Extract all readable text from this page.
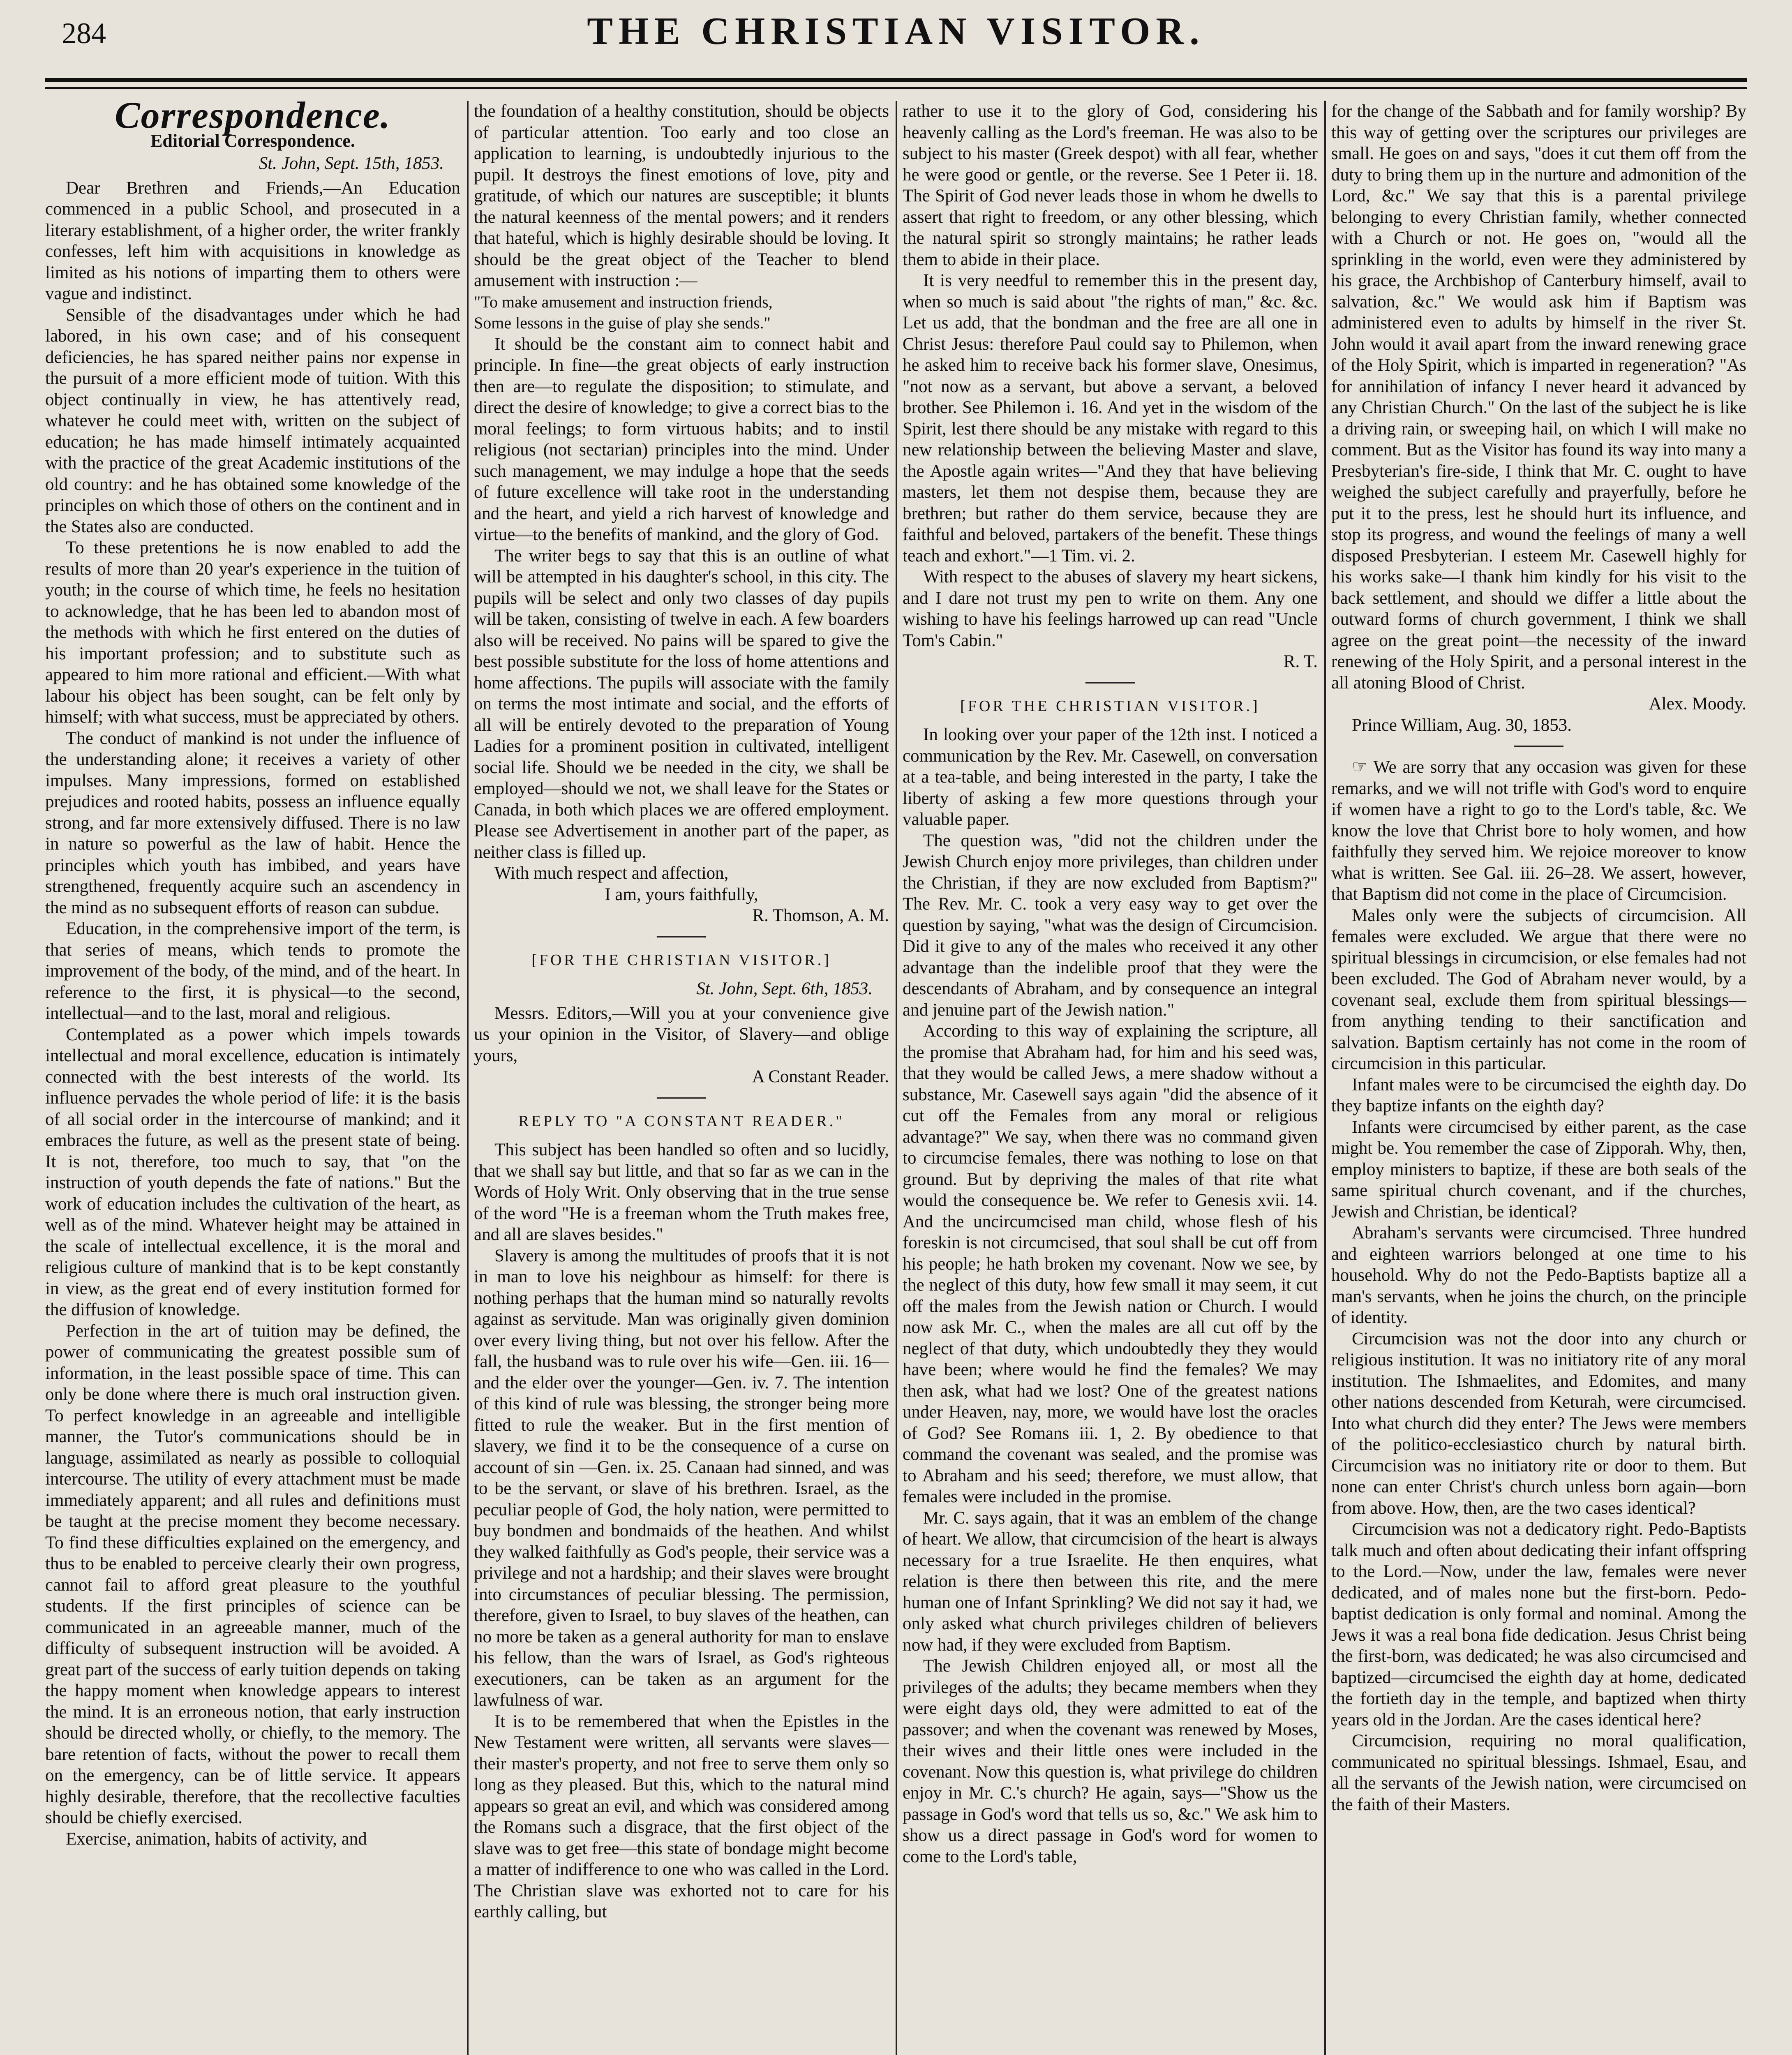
284	THE CHRISTIAN VISITOR.
Correspondence.
Editorial Correspondence.
St. John, Sept. 15th, 1853.

Dear Brethren and Friends,—An Education commenced in a public School, and prosecuted in a literary establishment, of a higher order, the writer frankly confesses, left him with acquisitions in knowledge as limited as his notions of imparting them to others were vague and indistinct.

Sensible of the disadvantages under which he had labored, in his own case; and of his consequent deficiencies, he has spared neither pains nor expense in the pursuit of a more efficient mode of tuition. With this object continually in view, he has attentively read, whatever he could meet with, written on the subject of education; he has made himself intimately acquainted with the practice of the great Academic institutions of the old country: and he has obtained some knowledge of the principles on which those of others on the continent and in the States also are conducted.

To these pretentions he is now enabled to add the results of more than 20 year's experience in the tuition of youth; in the course of which time, he feels no hesitation to acknowledge, that he has been led to abandon most of the methods with which he first entered on the duties of his important profession; and to substitute such as appeared to him more rational and efficient.—With what labour his object has been sought, can be felt only by himself; with what success, must be appreciated by others.

The conduct of mankind is not under the influence of the understanding alone; it receives a variety of other impulses. Many impressions, formed on established prejudices and rooted habits, possess an influence equally strong, and far more extensively diffused. There is no law in nature so powerful as the law of habit. Hence the principles which youth has imbibed, and years have strengthened, frequently acquire such an ascendency in the mind as no subsequent efforts of reason can subdue.

Education, in the comprehensive import of the term, is that series of means, which tends to promote the improvement of the body, of the mind, and of the heart. In reference to the first, it is physical—to the second, intellectual—and to the last, moral and religious.

Contemplated as a power which impels towards intellectual and moral excellence, education is intimately connected with the best interests of the world. Its influence pervades the whole period of life: it is the basis of all social order in the intercourse of mankind; and it embraces the future, as well as the present state of being. It is not, therefore, too much to say, that "on the instruction of youth depends the fate of nations." But the work of education includes the cultivation of the heart, as well as of the mind. Whatever height may be attained in the scale of intellectual excellence, it is the moral and religious culture of mankind that is to be kept constantly in view, as the great end of every institution formed for the diffusion of knowledge.

Perfection in the art of tuition may be defined, the power of communicating the greatest possible sum of information, in the least possible space of time. This can only be done where there is much oral instruction given. To perfect knowledge in an agreeable and intelligible manner, the Tutor's communications should be in language, assimilated as nearly as possible to colloquial intercourse. The utility of every attachment must be made immediately apparent; and all rules and definitions must be taught at the precise moment they become necessary. To find these difficulties explained on the emergency, and thus to be enabled to perceive clearly their own progress, cannot fail to afford great pleasure to the youthful students. If the first principles of science can be communicated in an agreeable manner, much of the difficulty of subsequent instruction will be avoided. A great part of the success of early tuition depends on taking the happy moment when knowledge appears to interest the mind. It is an erroneous notion, that early instruction should be directed wholly, or chiefly, to the memory. The bare retention of facts, without the power to recall them on the emergency, can be of little service. It appears highly desirable, therefore, that the recollective faculties should be chiefly exercised.

Exercise, animation, habits of activity, and

the foundation of a healthy constitution, should be objects of particular attention. Too early and too close an application to learning, is undoubtedly injurious to the pupil. It destroys the finest emotions of love, pity and gratitude, of which our natures are susceptible; it blunts the natural keenness of the mental powers; and it renders that hateful, which is highly desirable should be loving. It should be the great object of the Teacher to blend amusement with instruction :—

"To make amusement and instruction friends,

Some lessons in the guise of play she sends."

It should be the constant aim to connect habit and principle. In fine—the great objects of early instruction then are—to regulate the disposition; to stimulate, and direct the desire of knowledge; to give a correct bias to the moral feelings; to form virtuous habits; and to instil religious (not sectarian) principles into the mind. Under such management, we may indulge a hope that the seeds of future excellence will take root in the understanding and the heart, and yield a rich harvest of knowledge and virtue—to the benefits of mankind, and the glory of God.

The writer begs to say that this is an outline of what will be attempted in his daughter's school, in this city. The pupils will be select and only two classes of day pupils will be taken, consisting of twelve in each. A few boarders also will be received. No pains will be spared to give the best possible substitute for the loss of home attentions and home affections. The pupils will associate with the family on terms the most intimate and social, and the efforts of all will be entirely devoted to the preparation of Young Ladies for a prominent position in cultivated, intelligent social life. Should we be needed in the city, we shall be employed—should we not, we shall leave for the States or Canada, in both which places we are offered employment. Please see Advertisement in another part of the paper, as neither class is filled up.

With much respect and affection,

I am, yours faithfully,

R. Thomson, A. M.

[FOR THE CHRISTIAN VISITOR.]
St. John, Sept. 6th, 1853.

Messrs. Editors,—Will you at your convenience give us your opinion in the Visitor, of Slavery—and oblige yours,

A Constant Reader.

REPLY TO "A CONSTANT READER."

This subject has been handled so often and so lucidly, that we shall say but little, and that so far as we can in the Words of Holy Writ. Only observing that in the true sense of the word "He is a freeman whom the Truth makes free, and all are slaves besides."

Slavery is among the multitudes of proofs that it is not in man to love his neighbour as himself: for there is nothing perhaps that the human mind so naturally revolts against as servitude. Man was originally given dominion over every living thing, but not over his fellow. After the fall, the husband was to rule over his wife—Gen. iii. 16—and the elder over the younger—Gen. iv. 7. The intention of this kind of rule was blessing, the stronger being more fitted to rule the weaker. But in the first mention of slavery, we find it to be the consequence of a curse on account of sin —Gen. ix. 25. Canaan had sinned, and was to be the servant, or slave of his brethren. Israel, as the peculiar people of God, the holy nation, were permitted to buy bondmen and bondmaids of the heathen. And whilst they walked faithfully as God's people, their service was a privilege and not a hardship; and their slaves were brought into circumstances of peculiar blessing. The permission, therefore, given to Israel, to buy slaves of the heathen, can no more be taken as a general authority for man to enslave his fellow, than the wars of Israel, as God's righteous executioners, can be taken as an argument for the lawfulness of war.

It is to be remembered that when the Epistles in the New Testament were written, all servants were slaves—their master's property, and not free to serve them only so long as they pleased. But this, which to the natural mind appears so great an evil, and which was considered among the Romans such a disgrace, that the first object of the slave was to get free—this state of bondage might become a matter of indifference to one who was called in the Lord. The Christian slave was exhorted not to care for his earthly calling, but

rather to use it to the glory of God, considering his heavenly calling as the Lord's freeman. He was also to be subject to his master (Greek despot) with all fear, whether he were good or gentle, or the reverse. See 1 Peter ii. 18. The Spirit of God never leads those in whom he dwells to assert that right to freedom, or any other blessing, which the natural spirit so strongly maintains; he rather leads them to abide in their place.

It is very needful to remember this in the present day, when so much is said about "the rights of man," &c. &c. Let us add, that the bondman and the free are all one in Christ Jesus: therefore Paul could say to Philemon, when he asked him to receive back his former slave, Onesimus, "not now as a servant, but above a servant, a beloved brother. See Philemon i. 16. And yet in the wisdom of the Spirit, lest there should be any mistake with regard to this new relationship between the believing Master and slave, the Apostle again writes—"And they that have believing masters, let them not despise them, because they are brethren; but rather do them service, because they are faithful and beloved, partakers of the benefit. These things teach and exhort."—1 Tim. vi. 2.

With respect to the abuses of slavery my heart sickens, and I dare not trust my pen to write on them. Any one wishing to have his feelings harrowed up can read "Uncle Tom's Cabin."

R. T.

[FOR THE CHRISTIAN VISITOR.]

In looking over your paper of the 12th inst. I noticed a communication by the Rev. Mr. Casewell, on conversation at a tea-table, and being interested in the party, I take the liberty of asking a few more questions through your valuable paper.

The question was, "did not the children under the Jewish Church enjoy more privileges, than children under the Christian, if they are now excluded from Baptism?" The Rev. Mr. C. took a very easy way to get over the question by saying, "what was the design of Circumcision. Did it give to any of the males who received it any other advantage than the indelible proof that they were the descendants of Abraham, and by consequence an integral and jenuine part of the Jewish nation."

According to this way of explaining the scripture, all the promise that Abraham had, for him and his seed was, that they would be called Jews, a mere shadow without a substance, Mr. Casewell says again "did the absence of it cut off the Females from any moral or religious advantage?" We say, when there was no command given to circumcise females, there was nothing to lose on that ground. But by depriving the males of that rite what would the consequence be. We refer to Genesis xvii. 14. And the uncircumcised man child, whose flesh of his foreskin is not circumcised, that soul shall be cut off from his people; he hath broken my covenant. Now we see, by the neglect of this duty, how few small it may seem, it cut off the males from the Jewish nation or Church. I would now ask Mr. C., when the males are all cut off by the neglect of that duty, which undoubtedly they they would have been; where would he find the females? We may then ask, what had we lost? One of the greatest nations under Heaven, nay, more, we would have lost the oracles of God? See Romans iii. 1, 2. By obedience to that command the covenant was sealed, and the promise was to Abraham and his seed; therefore, we must allow, that females were included in the promise.

Mr. C. says again, that it was an emblem of the change of heart. We allow, that circumcision of the heart is always necessary for a true Israelite. He then enquires, what relation is there then between this rite, and the mere human one of Infant Sprinkling? We did not say it had, we only asked what church privileges children of believers now had, if they were excluded from Baptism.

The Jewish Children enjoyed all, or most all the privileges of the adults; they became members when they were eight days old, they were admitted to eat of the passover; and when the covenant was renewed by Moses, their wives and their little ones were included in the covenant. Now this question is, what privilege do children enjoy in Mr. C.'s church? He again, says—"Show us the passage in God's word that tells us so, &c." We ask him to show us a direct passage in God's word for women to come to the Lord's table,

for the change of the Sabbath and for family worship? By this way of getting over the scriptures our privileges are small. He goes on and says, "does it cut them off from the duty to bring them up in the nurture and admonition of the Lord, &c." We say that this is a parental privilege belonging to every Christian family, whether connected with a Church or not. He goes on, "would all the sprinkling in the world, even were they administered by his grace, the Archbishop of Canterbury himself, avail to salvation, &c." We would ask him if Baptism was administered even to adults by himself in the river St. John would it avail apart from the inward renewing grace of the Holy Spirit, which is imparted in regeneration? "As for annihilation of infancy I never heard it advanced by any Christian Church." On the last of the subject he is like a driving rain, or sweeping hail, on which I will make no comment. But as the Visitor has found its way into many a Presbyterian's fire-side, I think that Mr. C. ought to have weighed the subject carefully and prayerfully, before he put it to the press, lest he should hurt its influence, and stop its progress, and wound the feelings of many a well disposed Presbyterian. I esteem Mr. Casewell highly for his works sake—I thank him kindly for his visit to the back settlement, and should we differ a little about the outward forms of church government, I think we shall agree on the great point—the necessity of the inward renewing of the Holy Spirit, and a personal interest in the all atoning Blood of Christ.

Alex. Moody.

Prince William, Aug. 30, 1853.

☞ We are sorry that any occasion was given for these remarks, and we will not trifle with God's word to enquire if women have a right to go to the Lord's table, &c. We know the love that Christ bore to holy women, and how faithfully they served him. We rejoice moreover to know what is written. See Gal. iii. 26–28. We assert, however, that Baptism did not come in the place of Circumcision.

Males only were the subjects of circumcision. All females were excluded. We argue that there were no spiritual blessings in circumcision, or else females had not been excluded. The God of Abraham never would, by a covenant seal, exclude them from spiritual blessings—from anything tending to their sanctification and salvation. Baptism certainly has not come in the room of circumcision in this particular.

Infant males were to be circumcised the eighth day. Do they baptize infants on the eighth day?

Infants were circumcised by either parent, as the case might be. You remember the case of Zipporah. Why, then, employ ministers to baptize, if these are both seals of the same spiritual church covenant, and if the churches, Jewish and Christian, be identical?

Abraham's servants were circumcised. Three hundred and eighteen warriors belonged at one time to his household. Why do not the Pedo-Baptists baptize all a man's servants, when he joins the church, on the principle of identity.

Circumcision was not the door into any church or religious institution. It was no initiatory rite of any moral institution. The Ishmaelites, and Edomites, and many other nations descended from Keturah, were circumcised. Into what church did they enter? The Jews were members of the politico-ecclesiastico church by natural birth. Circumcision was no initiatory rite or door to them. But none can enter Christ's church unless born again—born from above. How, then, are the two cases identical?

Circumcision was not a dedicatory right. Pedo-Baptists talk much and often about dedicating their infant offspring to the Lord.—Now, under the law, females were never dedicated, and of males none but the first-born. Pedo-baptist dedication is only formal and nominal. Among the Jews it was a real bona fide dedication. Jesus Christ being the first-born, was dedicated; he was also circumcised and baptized—circumcised the eighth day at home, dedicated the fortieth day in the temple, and baptized when thirty years old in the Jordan. Are the cases identical here?

Circumcision, requiring no moral qualification, communicated no spiritual blessings. Ishmael, Esau, and all the servants of the Jewish nation, were circumcised on the faith of their Masters.
